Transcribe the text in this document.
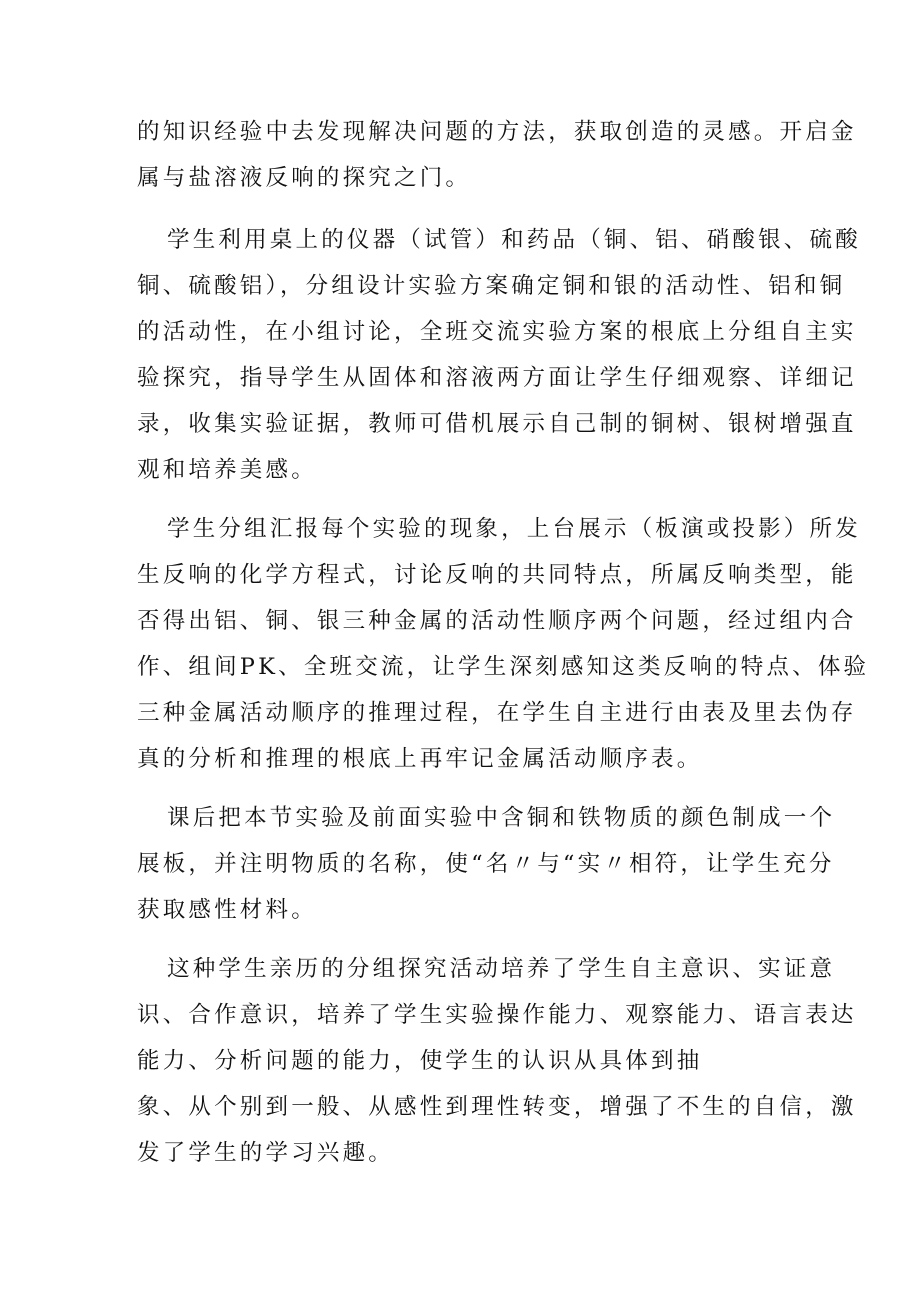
的知识经验中去发现解决问题的方法，获取创造的灵感。开启金
属与盐溶液反响的探究之门。

学生利用桌上的仪器（试管）和药品（铜、铝、硝酸银、硫酸
铜、硫酸铝），分组设计实验方案确定铜和银的活动性、铝和铜
的活动性，在小组讨论，全班交流实验方案的根底上分组自主实
验探究，指导学生从固体和溶液两方面让学生仔细观察、详细记
录，收集实验证据，教师可借机展示自己制的铜树、银树增强直
观和培养美感。

学生分组汇报每个实验的现象，上台展示（板演或投影）所发
生反响的化学方程式，讨论反响的共同特点，所属反响类型，能
否得出铝、铜、银三种金属的活动性顺序两个问题，经过组内合
作、组间PK、全班交流，让学生深刻感知这类反响的特点、体验
三种金属活动顺序的推理过程，在学生自主进行由表及里去伪存
真的分析和推理的根底上再牢记金属活动顺序表。

课后把本节实验及前面实验中含铜和铁物质的颜色制成一个
展板，并注明物质的名称，使“名〃与“实〃相符，让学生充分
获取感性材料。

这种学生亲历的分组探究活动培养了学生自主意识、实证意
识、合作意识，培养了学生实验操作能力、观察能力、语言表达
能力、分析问题的能力，使学生的认识从具体到抽
象、从个别到一般、从感性到理性转变，增强了不生的自信，激
发了学生的学习兴趣。
